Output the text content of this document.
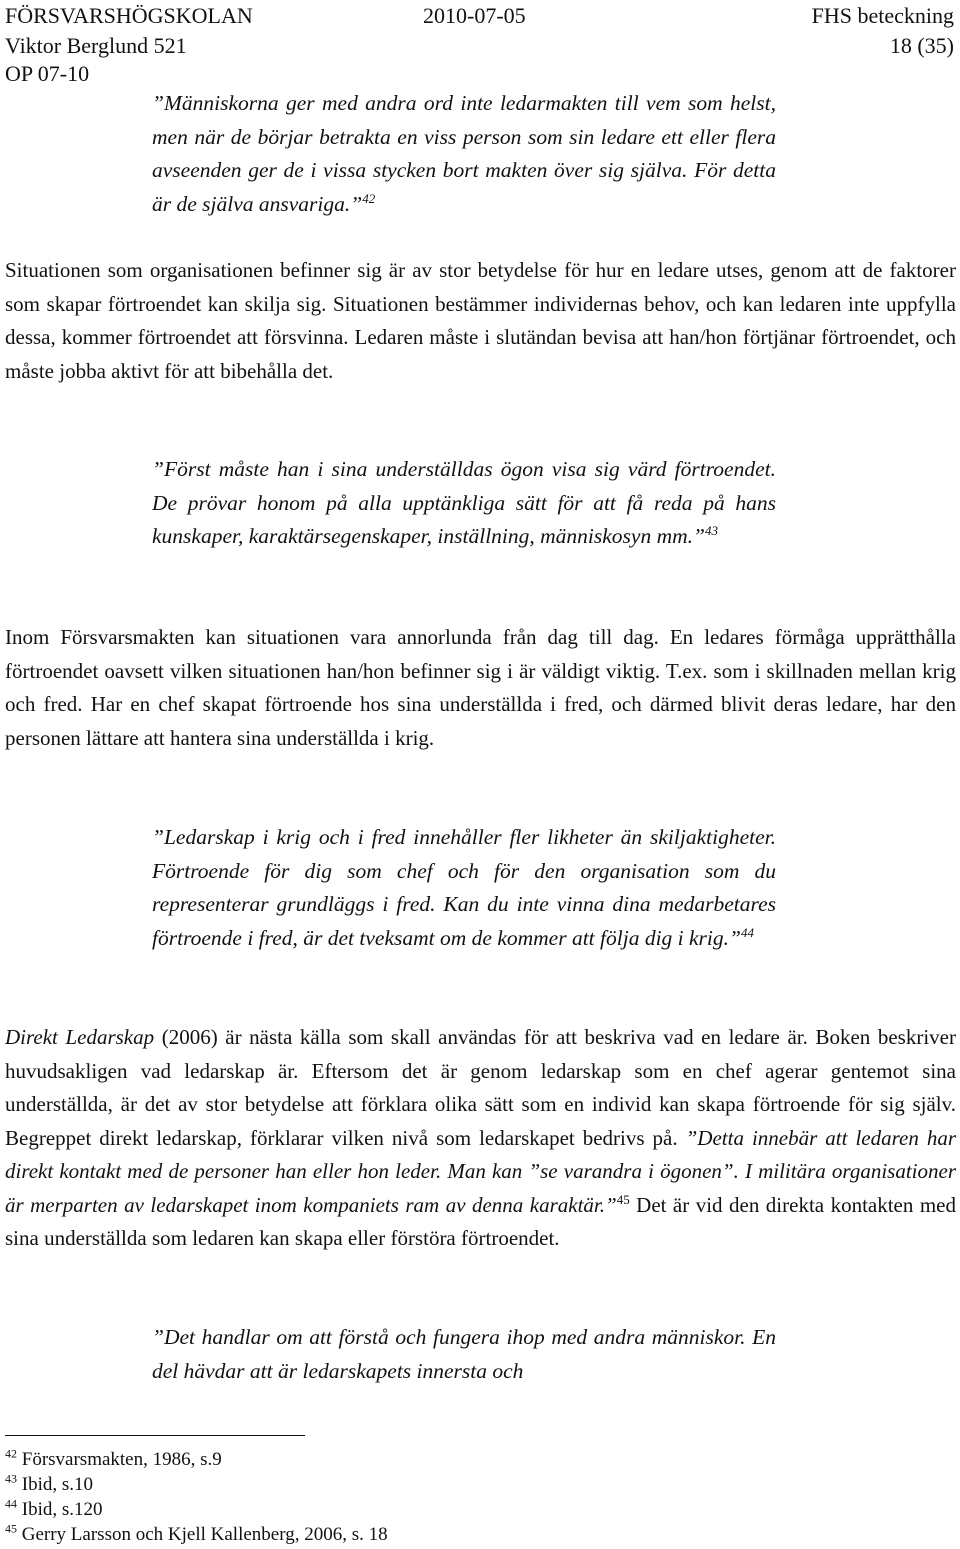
FÖRSVARSHÖGSKOLAN	2010-07-05	FHS beteckning
Viktor Berglund 521	18 (35)
OP 07-10

”Människorna ger med andra ord inte ledarmakten till vem som helst, men när de börjar betrakta en viss person som sin ledare ett eller flera avseenden ger de i vissa stycken bort makten över sig själva. För detta är de själva ansvariga.”$^{42}$

Situationen som organisationen befinner sig är av stor betydelse för hur en ledare utses, genom att de faktorer som skapar förtroendet kan skilja sig. Situationen bestämmer individernas behov, och kan ledaren inte uppfylla dessa, kommer förtroendet att försvinna. Ledaren måste i slutändan bevisa att han/hon förtjänar förtroendet, och måste jobba aktivt för att bibehålla det.

”Först måste han i sina underställdas ögon visa sig värd förtroendet. De prövar honom på alla upptänkliga sätt för att få reda på hans kunskaper, karaktärsegenskaper, inställning, människosyn mm.”$^{43}$

Inom Försvarsmakten kan situationen vara annorlunda från dag till dag. En ledares förmåga upprätthålla förtroendet oavsett vilken situationen han/hon befinner sig i är väldigt viktig. T.ex. som i skillnaden mellan krig och fred. Har en chef skapat förtroende hos sina underställda i fred, och därmed blivit deras ledare, har den personen lättare att hantera sina underställda i krig.

”Ledarskap i krig och i fred innehåller fler likheter än skiljaktigheter. Förtroende för dig som chef och för den organisation som du representerar grundläggs i fred. Kan du inte vinna dina medarbetares förtroende i fred, är det tveksamt om de kommer att följa dig i krig.”$^{44}$

Direkt Ledarskap (2006) är nästa källa som skall användas för att beskriva vad en ledare är. Boken beskriver huvudsakligen vad ledarskap är. Eftersom det är genom ledarskap som en chef agerar gentemot sina underställda, är det av stor betydelse att förklara olika sätt som en individ kan skapa förtroende för sig själv. Begreppet direkt ledarskap, förklarar vilken nivå som ledarskapet bedrivs på. ”Detta innebär att ledaren har direkt kontakt med de personer han eller hon leder. Man kan ”se varandra i ögonen”. I militära organisationer är merparten av ledarskapet inom kompaniets ram av denna karaktär.”$^{45}$ Det är vid den direkta kontakten med sina underställda som ledaren kan skapa eller förstöra förtroendet.

”Det handlar om att förstå och fungera ihop med andra människor. En del hävdar att är ledarskapets innersta och

$^{42}$ Försvarsmakten, 1986, s.9
$^{43}$ Ibid, s.10
$^{44}$ Ibid, s.120
$^{45}$ Gerry Larsson och Kjell Kallenberg, 2006, s. 18
